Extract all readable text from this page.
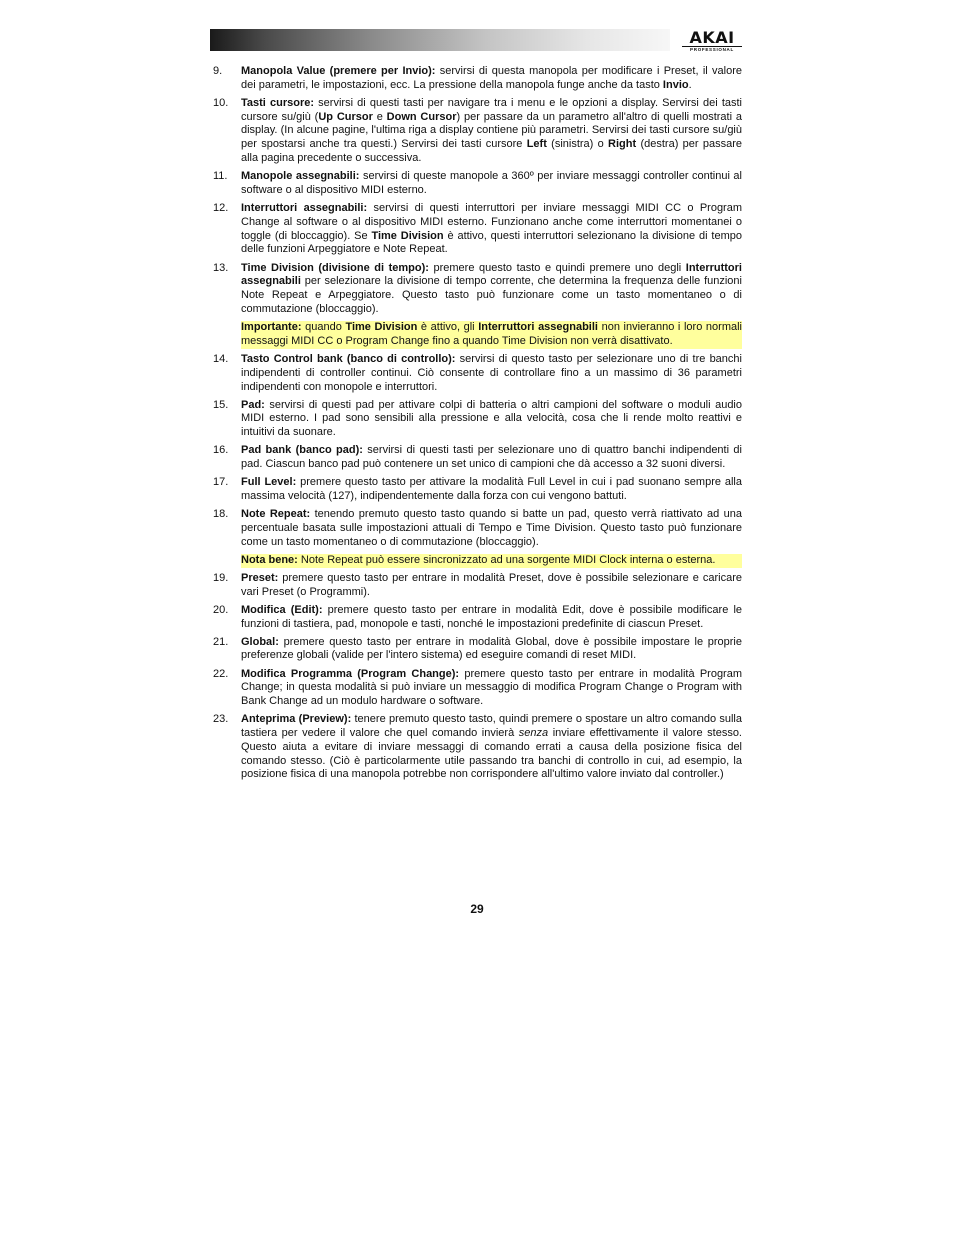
AKAI
PROFESSIONAL
9.	Manopola Value (premere per Invio): servirsi di questa manopola per modificare i Preset, il valore dei parametri, le impostazioni, ecc. La pressione della manopola funge anche da tasto Invio.
10.	Tasti cursore: servirsi di questi tasti per navigare tra i menu e le opzioni a display. Servirsi dei tasti cursore su/giù (Up Cursor e Down Cursor) per passare da un parametro all'altro di quelli mostrati a display. (In alcune pagine, l'ultima riga a display contiene più parametri. Servirsi dei tasti cursore su/giù per spostarsi anche tra questi.) Servirsi dei tasti cursore Left (sinistra) o Right (destra) per passare alla pagina precedente o successiva.
11.	Manopole assegnabili: servirsi di queste manopole a 360º per inviare messaggi controller continui al software o al dispositivo MIDI esterno.
12.	Interruttori assegnabili: servirsi di questi interruttori per inviare messaggi MIDI CC o Program Change al software o al dispositivo MIDI esterno. Funzionano anche come interruttori momentanei o toggle (di bloccaggio). Se Time Division è attivo, questi interruttori selezionano la divisione di tempo delle funzioni Arpeggiatore e Note Repeat.
13.	Time Division (divisione di tempo): premere questo tasto e quindi premere uno degli Interruttori assegnabili per selezionare la divisione di tempo corrente, che determina la frequenza delle funzioni Note Repeat e Arpeggiatore. Questo tasto può funzionare come un tasto momentaneo o di commutazione (bloccaggio).
Importante: quando Time Division è attivo, gli Interruttori assegnabili non invieranno i loro normali messaggi MIDI CC o Program Change fino a quando Time Division non verrà disattivato.
14.	Tasto Control bank (banco di controllo): servirsi di questo tasto per selezionare uno di tre banchi indipendenti di controller continui. Ciò consente di controllare fino a un massimo di 36 parametri indipendenti con monopole e interruttori.
15.	Pad: servirsi di questi pad per attivare colpi di batteria o altri campioni del software o moduli audio MIDI esterno. I pad sono sensibili alla pressione e alla velocità, cosa che li rende molto reattivi e intuitivi da suonare.
16.	Pad bank (banco pad): servirsi di questi tasti per selezionare uno di quattro banchi indipendenti di pad. Ciascun banco pad può contenere un set unico di campioni che dà accesso a 32 suoni diversi.
17.	Full Level: premere questo tasto per attivare la modalità Full Level in cui i pad suonano sempre alla massima velocità (127), indipendentemente dalla forza con cui vengono battuti.
18.	Note Repeat: tenendo premuto questo tasto quando si batte un pad, questo verrà riattivato ad una percentuale basata sulle impostazioni attuali di Tempo e Time Division. Questo tasto può funzionare come un tasto momentaneo o di commutazione (bloccaggio).
Nota bene: Note Repeat può essere sincronizzato ad una sorgente MIDI Clock interna o esterna.
19.	Preset: premere questo tasto per entrare in modalità Preset, dove è possibile selezionare e caricare vari Preset (o Programmi).
20.	Modifica (Edit): premere questo tasto per entrare in modalità Edit, dove è possibile modificare le funzioni di tastiera, pad, monopole e tasti, nonché le impostazioni predefinite di ciascun Preset.
21.	Global: premere questo tasto per entrare in modalità Global, dove è possibile impostare le proprie preferenze globali (valide per l'intero sistema) ed eseguire comandi di reset MIDI.
22.	Modifica Programma (Program Change): premere questo tasto per entrare in modalità Program Change; in questa modalità si può inviare un messaggio di modifica Program Change o Program with Bank Change ad un modulo hardware o software.
23.	Anteprima (Preview): tenere premuto questo tasto, quindi premere o spostare un altro comando sulla tastiera per vedere il valore che quel comando invierà senza inviare effettivamente il valore stesso. Questo aiuta a evitare di inviare messaggi di comando errati a causa della posizione fisica del comando stesso. (Ciò è particolarmente utile passando tra banchi di controllo in cui, ad esempio, la posizione fisica di una manopola potrebbe non corrispondere all'ultimo valore inviato dal controller.)
29
